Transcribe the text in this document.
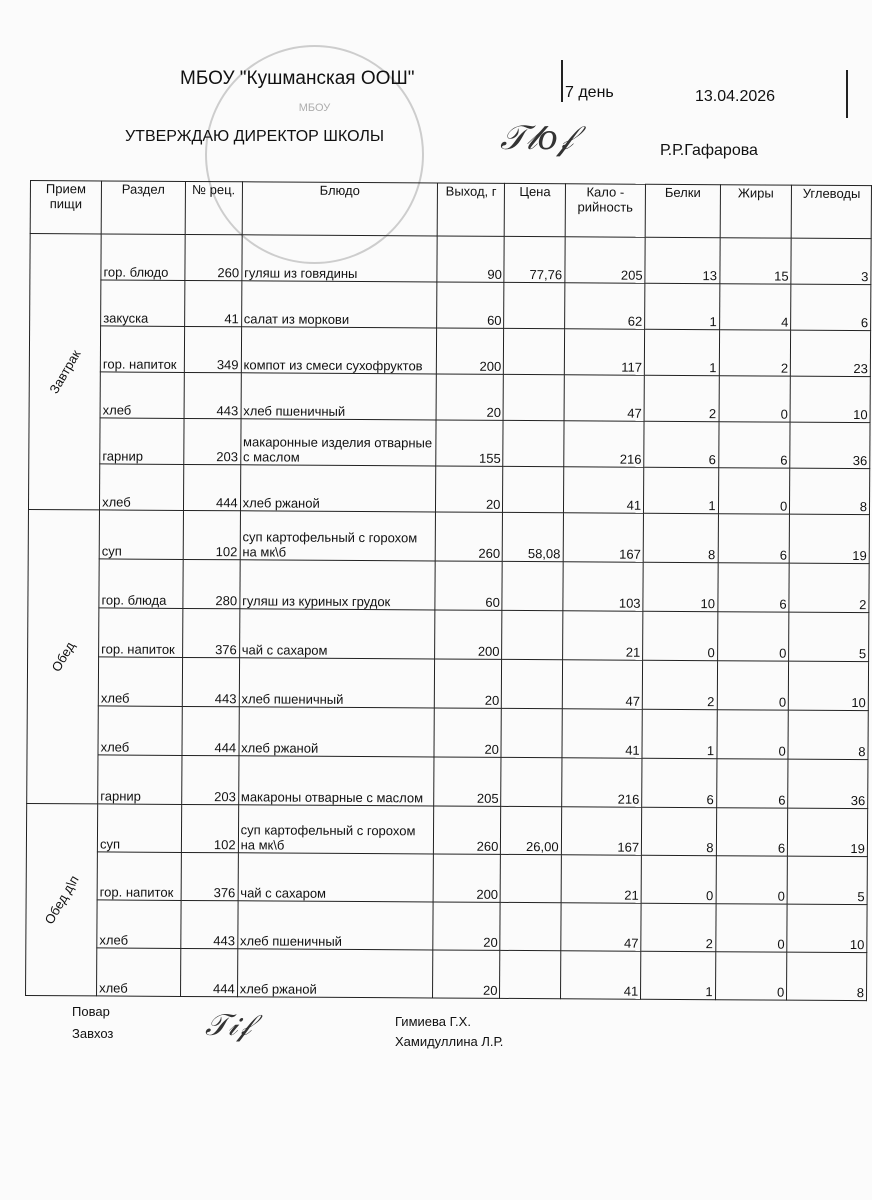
МБОУ
МБОУ "Кушманская ООШ"
7 день	13.04.2026
УТВЕРЖДАЮ ДИРЕКТОР ШКОЛЫ	𝒯𝓁𝑜𝒻	Р.Р.Гафарова
Прием пищи	Раздел	№ рец.	Блюдо	Выход, г	Цена	Кало - рийность	Белки	Жиры	Углеводы

Завтрак	гор. блюдо	260	гуляш из говядины	90	77,76	205	13	15	3
	закуска	41	салат из моркови	60		62	1	4	6
	гор. напиток	349	компот из смеси сухофруктов	200		117	1	2	23
	хлеб	443	хлеб пшеничный	20		47	2	0	10
	гарнир	203	макаронные изделия отварные с маслом	155		216	6	6	36
	хлеб	444	хлеб ржаной	20		41	1	0	8

Обед	суп	102	суп картофельный с горохом на мк\б	260	58,08	167	8	6	19
	гор. блюда	280	гуляш из куриных грудок	60		103	10	6	2
	гор. напиток	376	чай с сахаром	200		21	0	0	5
	хлеб	443	хлеб пшеничный	20		47	2	0	10
	хлеб	444	хлеб ржаной	20		41	1	0	8
	гарнир	203	макароны отварные с маслом	205		216	6	6	36

Обед д\п	суп	102	суп картофельный с горохом на мк\б	260	26,00	167	8	6	19
	гор. напиток	376	чай с сахаром	200		21	0	0	5
	хлеб	443	хлеб пшеничный	20		47	2	0	10
	хлеб	444	хлеб ржаной	20		41	1	0	8
Повар
Завхоз	𝒯𝒾𝒻	Гимиева Г.Х.
Хамидуллина Л.Р.
